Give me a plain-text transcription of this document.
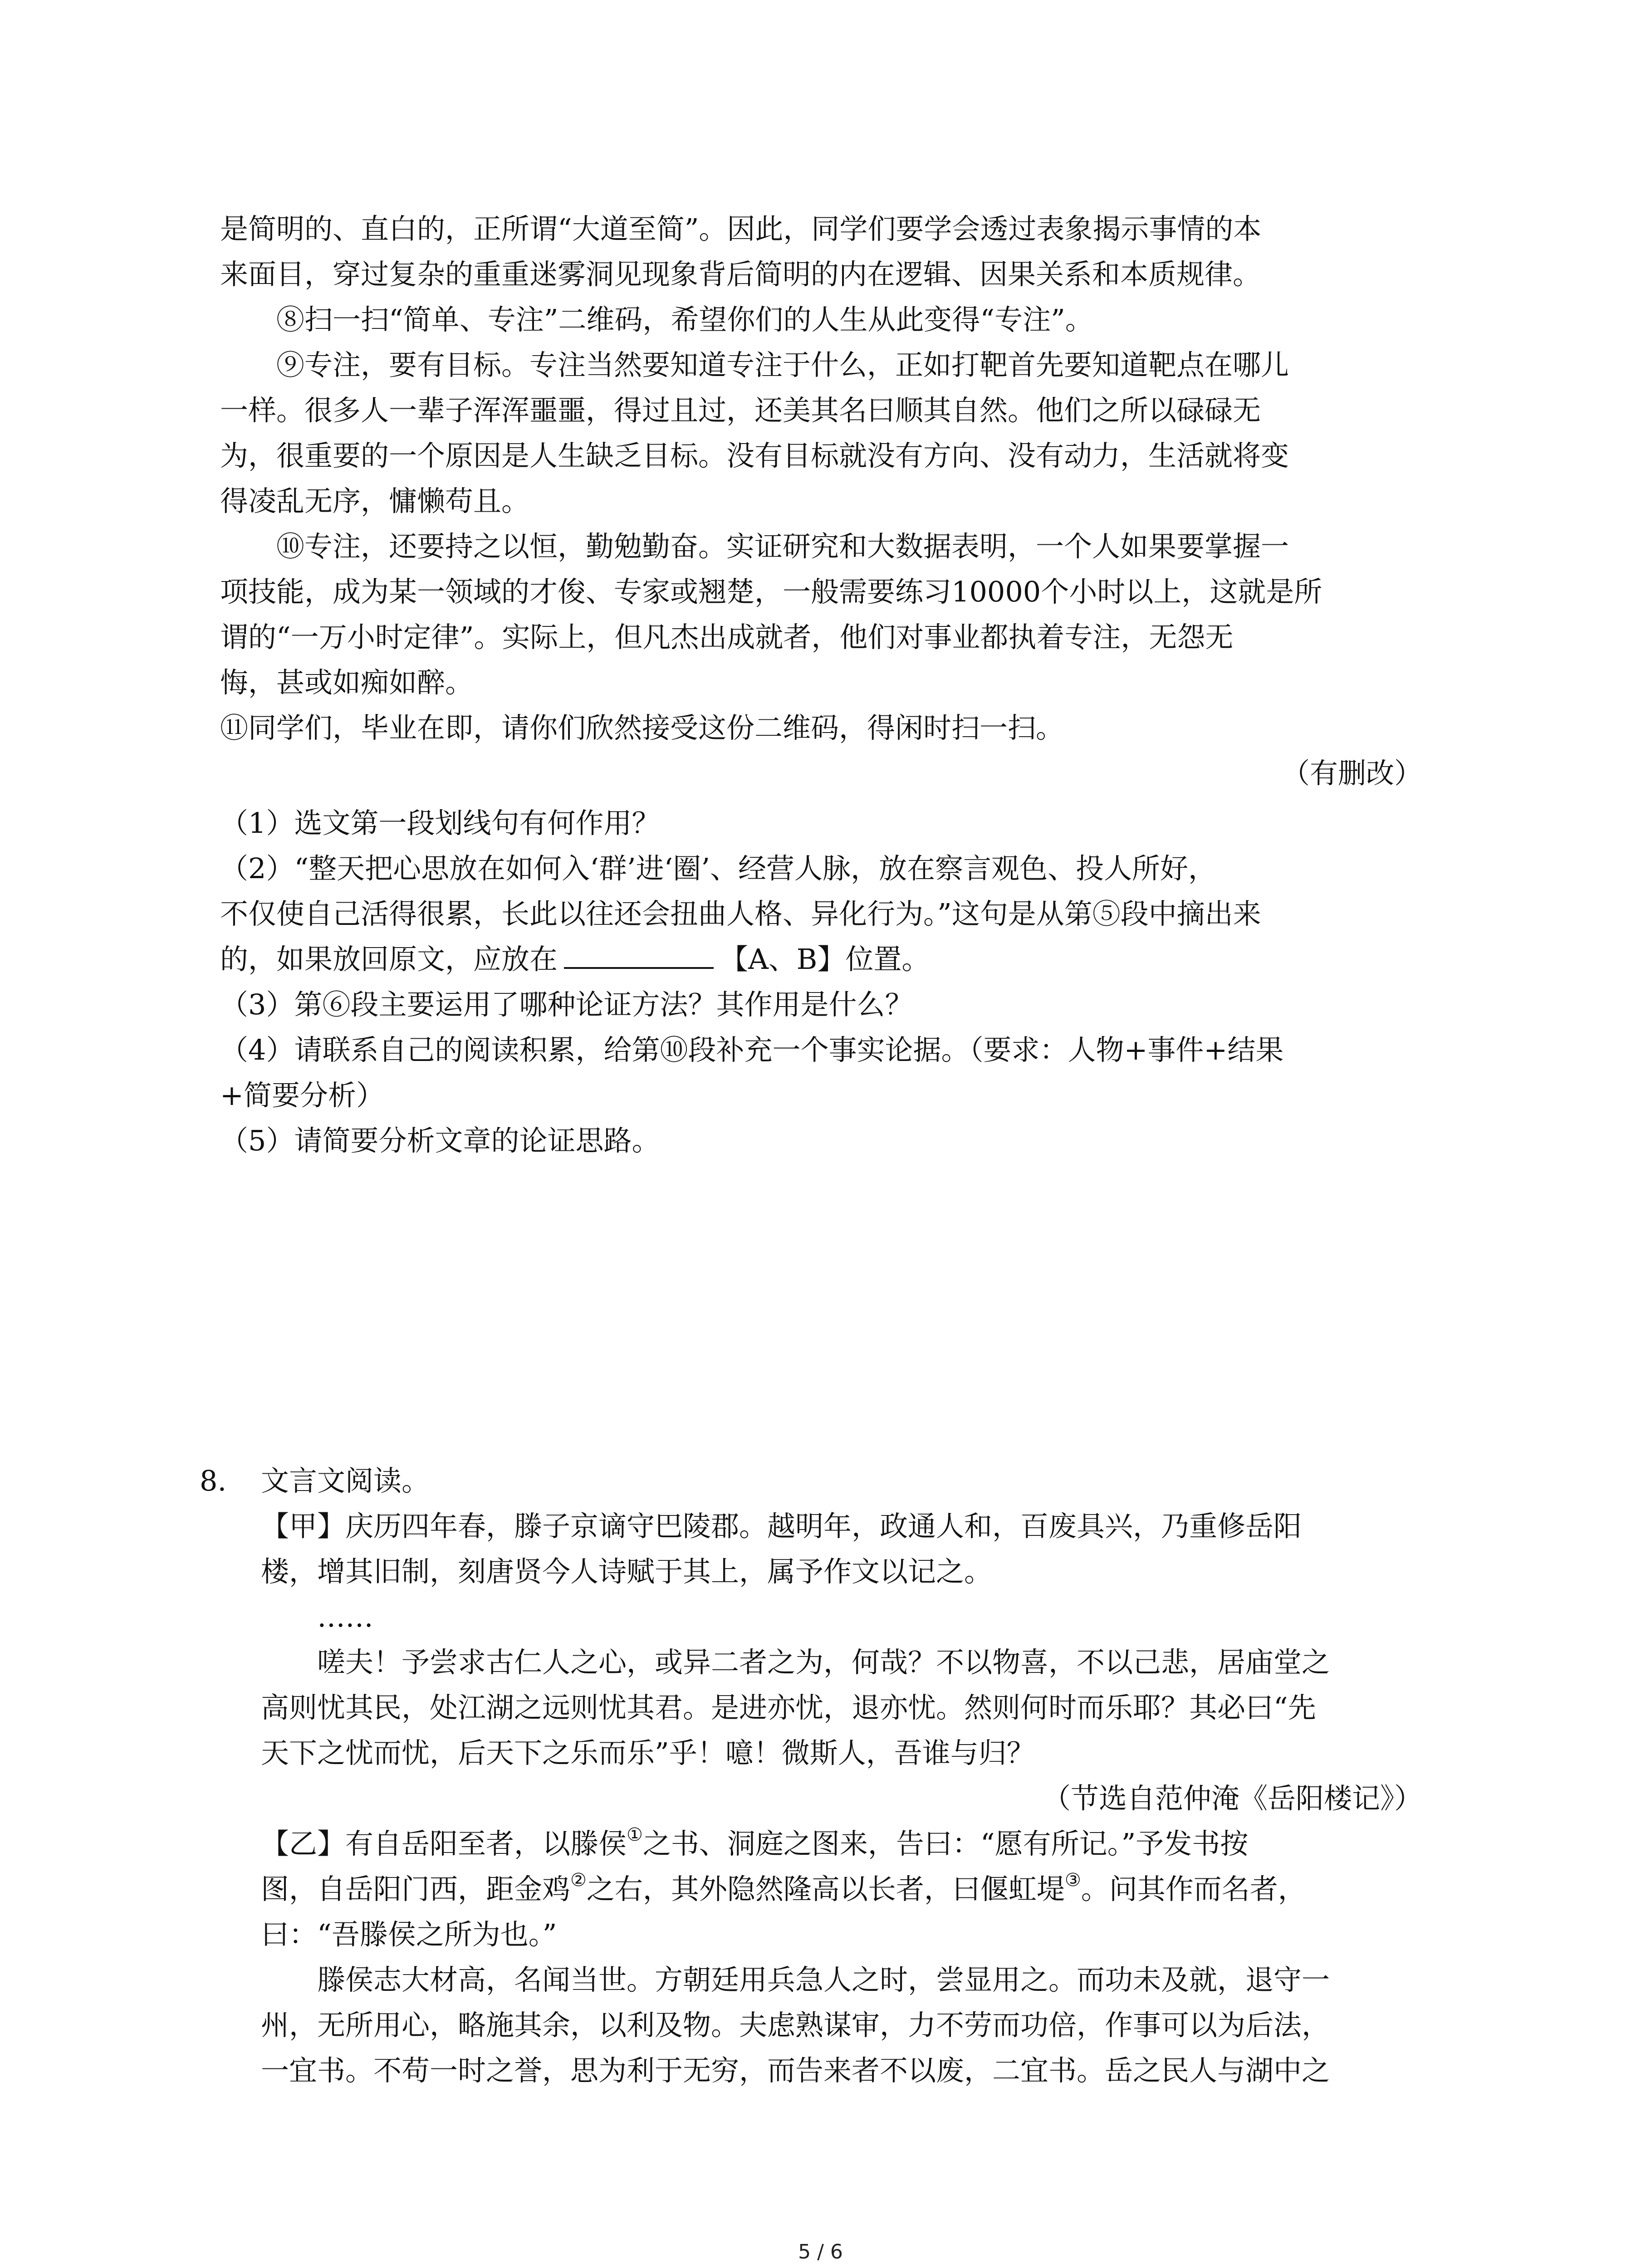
是简明的、直白的，正所谓“大道至简”。因此，同学们要学会透过表象揭示事情的本
来面目，穿过复杂的重重迷雾洞见现象背后简明的内在逻辑、因果关系和本质规律。
⑧扫一扫“简单、专注”二维码，希望你们的人生从此变得“专注”。
⑨专注，要有目标。专注当然要知道专注于什么，正如打靶首先要知道靶点在哪儿
一样。很多人一辈子浑浑噩噩，得过且过，还美其名曰顺其自然。他们之所以碌碌无
为，很重要的一个原因是人生缺乏目标。没有目标就没有方向、没有动力，生活就将变
得凌乱无序，慵懒苟且。
⑩专注，还要持之以恒，勤勉勤奋。实证研究和大数据表明，一个人如果要掌握一
项技能，成为某一领域的才俊、专家或翘楚，一般需要练习10000个小时以上，这就是所
谓的“一万小时定律”。实际上，但凡杰出成就者，他们对事业都执着专注，无怨无
悔，甚或如痴如醉。
⑪同学们，毕业在即，请你们欣然接受这份二维码，得闲时扫一扫。
（有删改）
（1）选文第一段划线句有何作用？
（2）“整天把心思放在如何入‘群’进‘圈’、经营人脉，放在察言观色、投人所好，
不仅使自己活得很累，长此以往还会扭曲人格、异化行为。”这句是从第⑤段中摘出来
的，如果放回原文，应放在	【A、B】位置。
（3）第⑥段主要运用了哪种论证方法？其作用是什么？
（4）请联系自己的阅读积累，给第⑩段补充一个事实论据。（要求：人物+事件+结果
+简要分析）
（5）请简要分析文章的论证思路。
8. 文言文阅读。
【甲】庆历四年春，滕子京谪守巴陵郡。越明年，政通人和，百废具兴，乃重修岳阳
楼，增其旧制，刻唐贤今人诗赋于其上，属予作文以记之。
……
嗟夫！予尝求古仁人之心，或异二者之为，何哉？不以物喜，不以己悲，居庙堂之
高则忧其民，处江湖之远则忧其君。是进亦忧，退亦忧。然则何时而乐耶？其必曰“先
天下之忧而忧，后天下之乐而乐”乎！噫！微斯人，吾谁与归？
（节选自范仲淹《岳阳楼记》）
【乙】有自岳阳至者，以滕侯①之书、洞庭之图来，告曰：“愿有所记。”予发书按
图，自岳阳门西，距金鸡②之右，其外隐然隆高以长者，曰偃虹堤③。问其作而名者，
曰：“吾滕侯之所为也。”
滕侯志大材高，名闻当世。方朝廷用兵急人之时，尝显用之。而功未及就，退守一
州，无所用心，略施其余，以利及物。夫虑熟谋审，力不劳而功倍，作事可以为后法，
一宜书。不苟一时之誉，思为利于无穷，而告来者不以废，二宜书。岳之民人与湖中之
5 / 6
